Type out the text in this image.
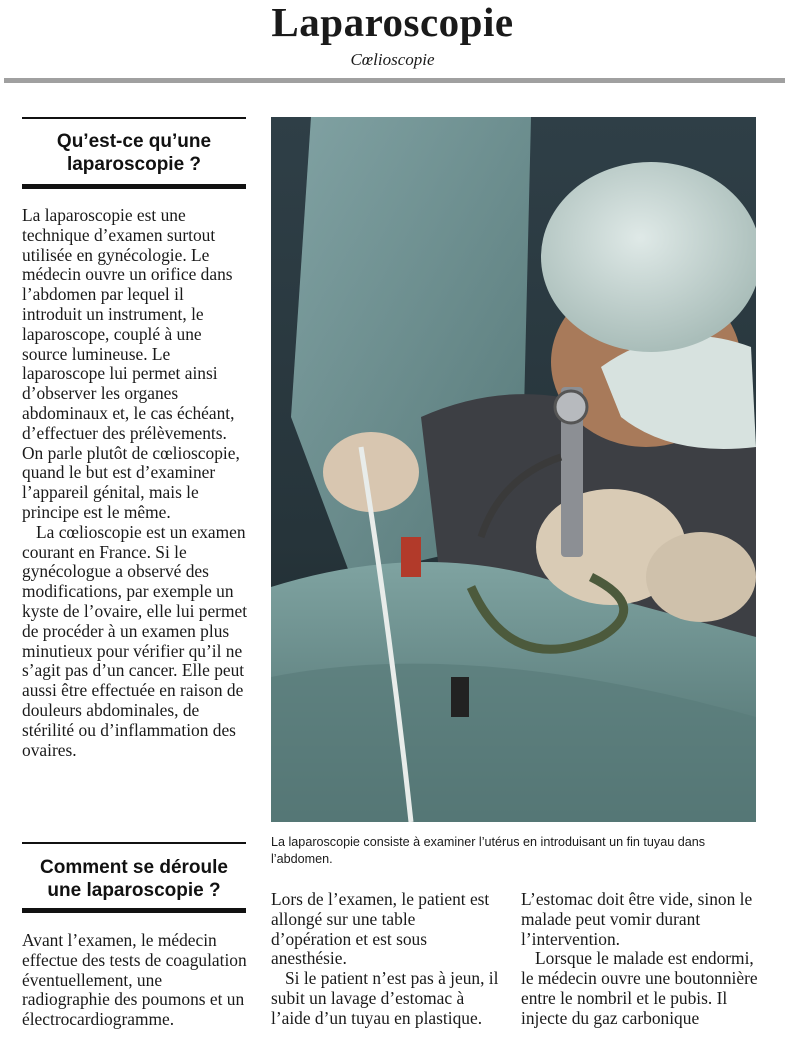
Laparoscopie
Cœlioscopie
Qu’est-ce qu’une
laparoscopie ?

La laparoscopie est une technique d’examen surtout utilisée en gynécologie. Le médecin ouvre un orifice dans l’abdomen par lequel il introduit un instrument, le laparoscope, couplé à une source lumineuse. Le laparoscope lui permet ainsi d’observer les organes abdominaux et, le cas échéant, d’effectuer des prélèvements. On parle plutôt de cœlioscopie, quand le but est d’examiner l’appareil génital, mais le principe est le même.

La cœlioscopie est un examen courant en France. Si le gynécologue a observé des modifications, par exemple un kyste de l’ovaire, elle lui permet de procéder à un examen plus minutieux pour vérifier qu’il ne s’agit pas d’un cancer. Elle peut aussi être effectuée en raison de douleurs abdominales, de stérilité ou d’inflammation des ovaires.

Comment se déroule
une laparoscopie ?

Avant l’examen, le médecin effectue des tests de coagulation éventuellement, une radiographie des poumons et un électrocardiogramme.

La laparoscopie consiste à examiner l’utérus en introduisant un fin tuyau dans l’abdomen.

Lors de l’examen, le patient est allongé sur une table d’opération et est sous anesthésie.

Si le patient n’est pas à jeun, il subit un lavage d’estomac à l’aide d’un tuyau en plastique.

L’estomac doit être vide, sinon le malade peut vomir durant l’intervention.

Lorsque le malade est endormi, le médecin ouvre une boutonnière entre le nombril et le pubis. Il injecte du gaz carbonique
